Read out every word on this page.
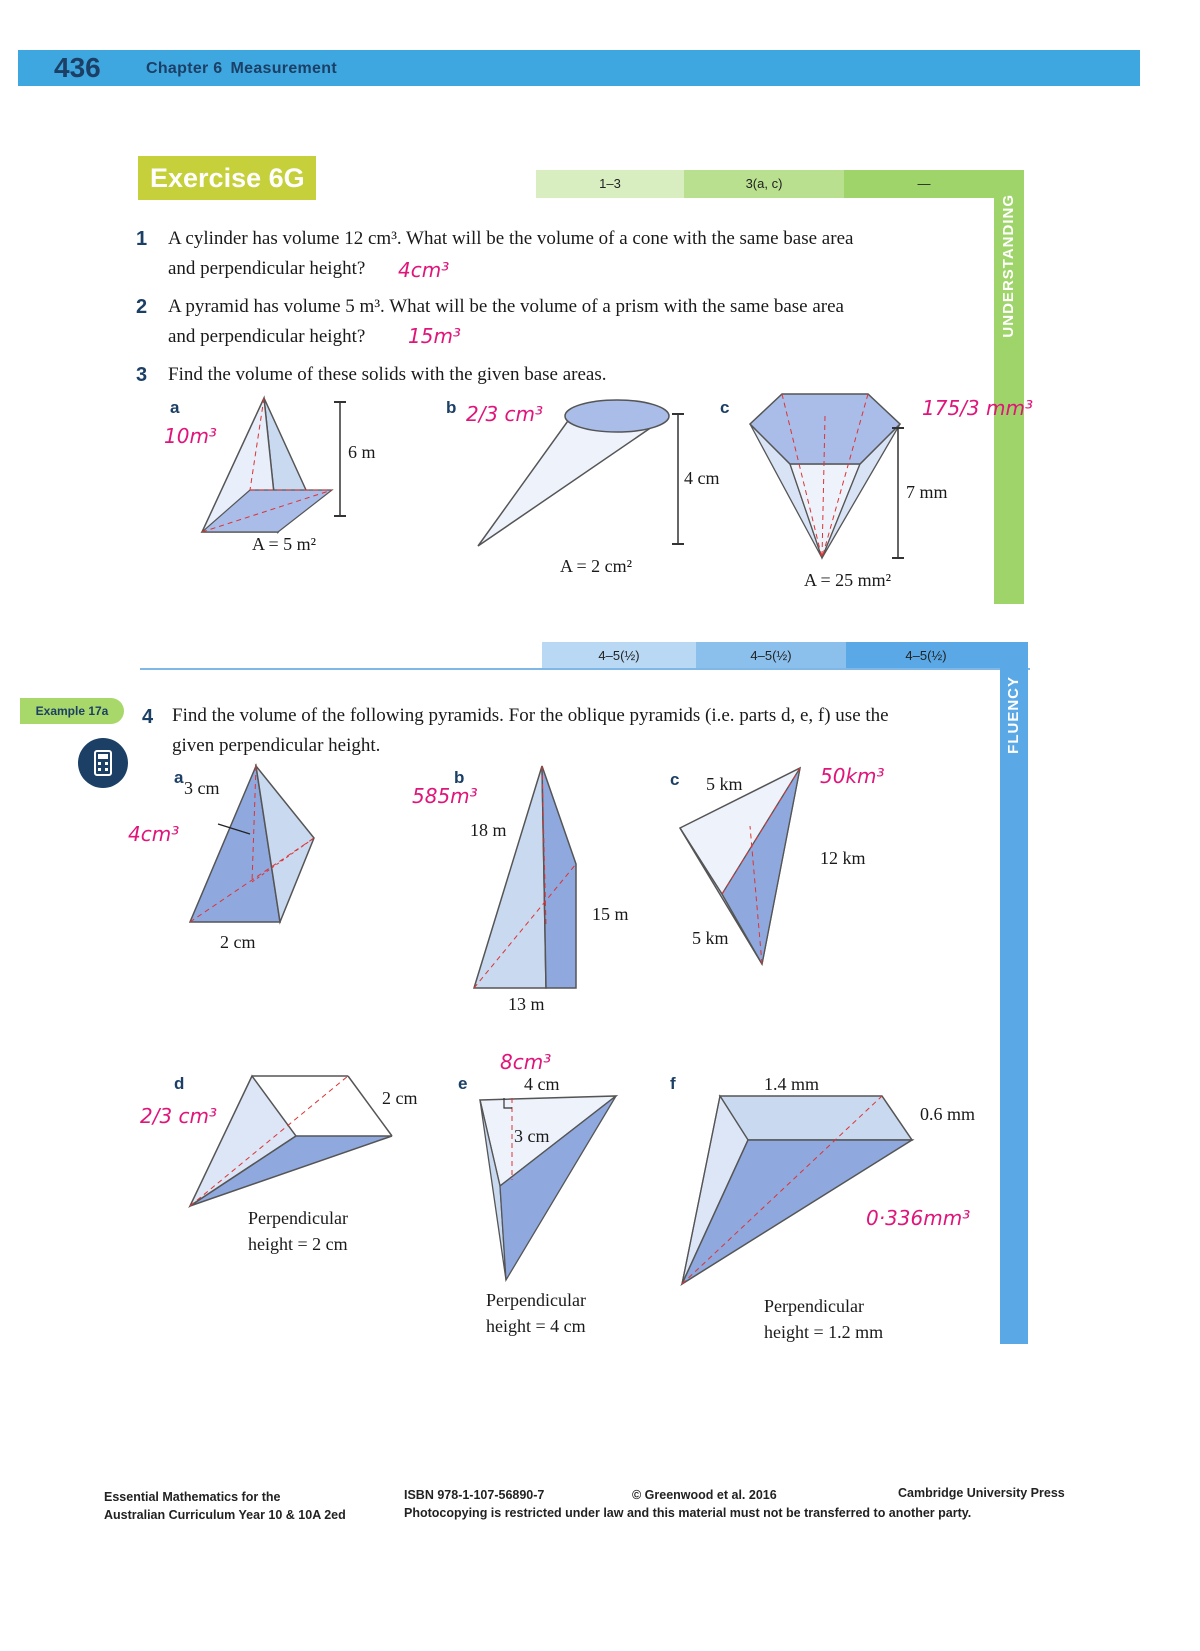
436	Chapter 6 Measurement
Exercise 6G	1–3	3(a, c)	—
UNDERSTANDING
1 A cylinder has volume 12 cm³. What will be the volume of a cone with the same base area
and perpendicular height?	4cm³
2 A pyramid has volume 5 m³. What will be the volume of a prism with the same base area
and perpendicular height?	15m³
3 Find the volume of these solids with the given base areas.
a
10m³
6 m
A = 5 m²
b 2/3 cm³
4 cm
A = 2 cm²
c	175/3 mm³
7 mm
A = 25 mm²
4–5(½)	4–5(½)	4–5(½)
FLUENCY
Example 17a	4 Find the volume of the following pyramids. For the oblique pyramids (i.e. parts d, e, f) use the
given perpendicular height.
a
4cm³
3 cm
2 cm
b
585m³
18 m
15 m
13 m
c	50km³
5 km
12 km
5 km
d
2/3 cm³
2 cm
Perpendicular
height = 2 cm
e
8cm³
4 cm
3 cm
Perpendicular
height = 4 cm
f
0·336mm³
1.4 mm
0.6 mm
Perpendicular
height = 1.2 mm
Essential Mathematics for the
Australian Curriculum Year 10 & 10A 2ed
ISBN 978-1-107-56890-7	© Greenwood et al. 2016	Cambridge University Press
Photocopying is restricted under law and this material must not be transferred to another party.
